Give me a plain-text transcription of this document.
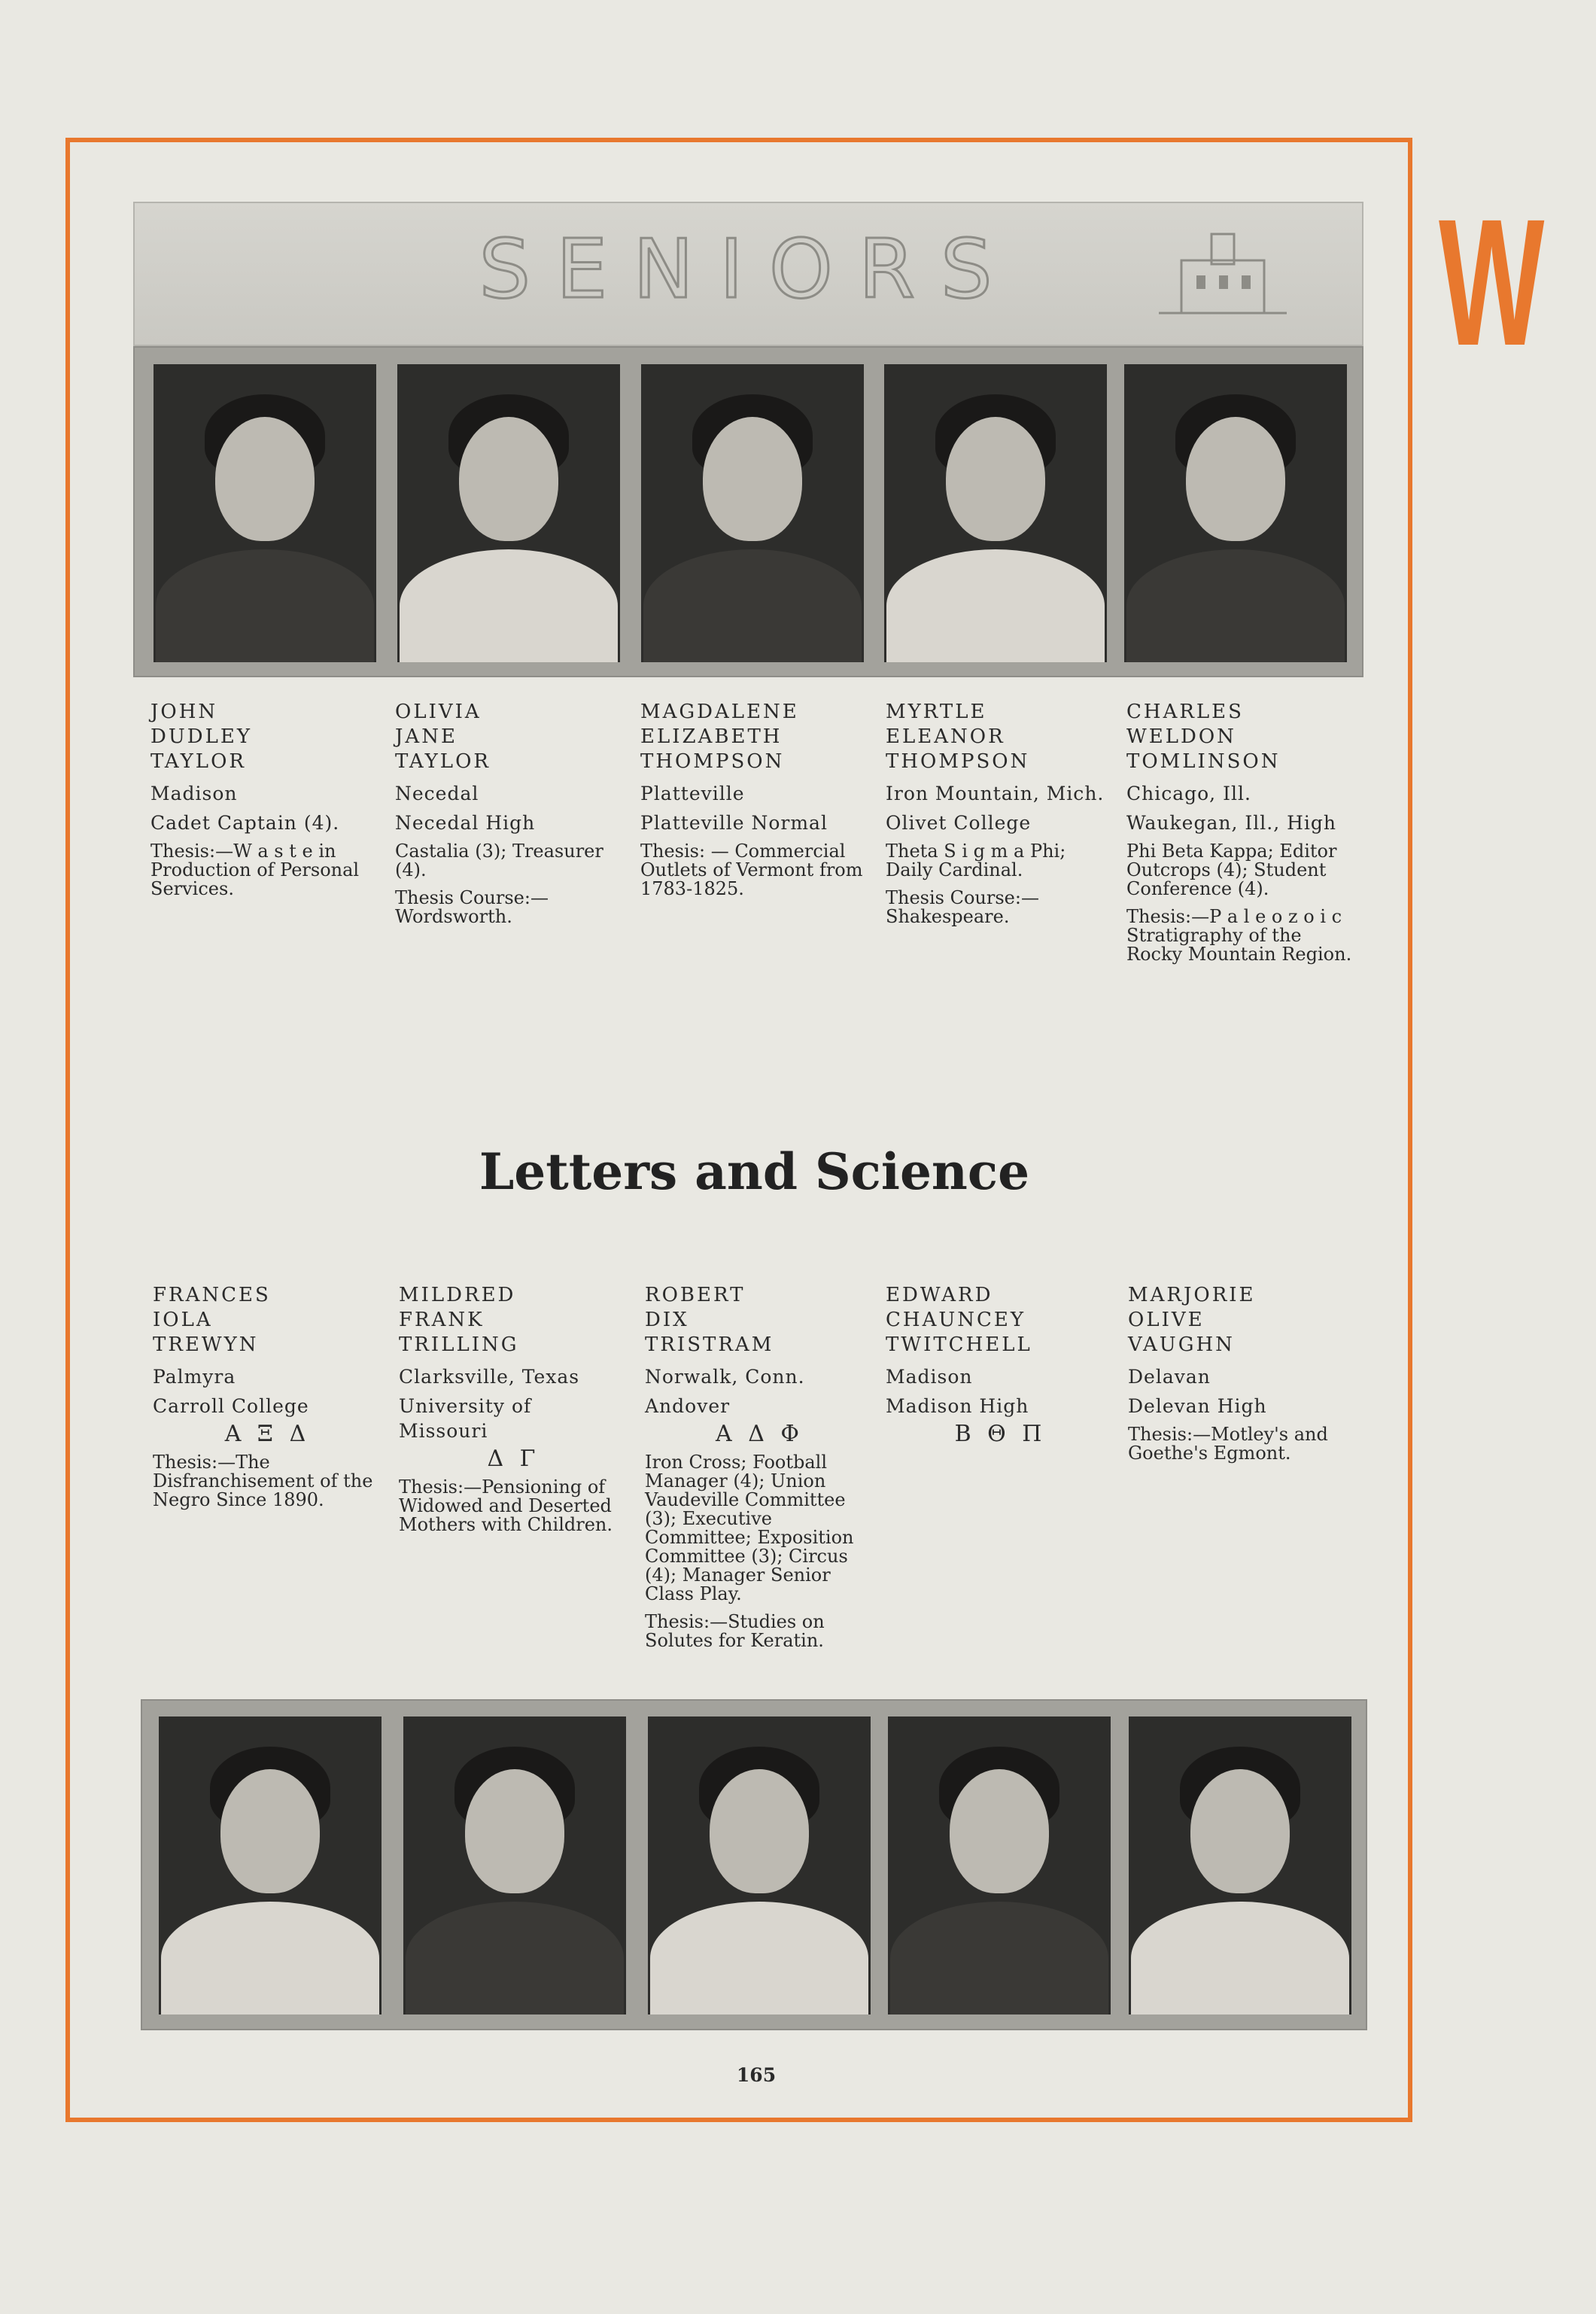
W
SENIORS
JOHN
DUDLEY
TAYLOR
Madison
Cadet Captain (4).
Thesis:—W a s t e in Production of Personal Services.
OLIVIA
JANE
TAYLOR
Necedal
Necedal High
Castalia (3); Treasurer (4).
Thesis Course:— Wordsworth.
MAGDALENE
ELIZABETH
THOMPSON
Platteville
Platteville Normal
Thesis: — Commercial Outlets of Vermont from 1783-1825.
MYRTLE
ELEANOR
THOMPSON
Iron Mountain, Mich.
Olivet College
Theta S i g m a Phi; Daily Cardinal.
Thesis Course:— Shakespeare.
CHARLES
WELDON
TOMLINSON
Chicago, Ill.
Waukegan, Ill., High
Phi Beta Kappa; Editor Outcrops (4); Student Conference (4).
Thesis:—P a l e o z o i c Stratigraphy of the Rocky Mountain Region.
Letters and Science
FRANCES
IOLA
TREWYN
Palmyra
Carroll College
Α Ξ Δ
Thesis:—The Disfranchisement of the Negro Since 1890.
MILDRED
FRANK
TRILLING
Clarksville, Texas
University of
Missouri
Δ Γ
Thesis:—Pensioning of Widowed and Deserted Mothers with Children.
ROBERT
DIX
TRISTRAM
Norwalk, Conn.
Andover
Α Δ Φ
Iron Cross; Football Manager (4); Union Vaudeville Committee (3); Executive Committee; Exposition Committee (3); Circus (4); Manager Senior Class Play.
Thesis:—Studies on Solutes for Keratin.
EDWARD
CHAUNCEY
TWITCHELL
Madison
Madison High
Β Θ Π
MARJORIE
OLIVE
VAUGHN
Delavan
Delevan High
Thesis:—Motley's and Goethe's Egmont.
165
